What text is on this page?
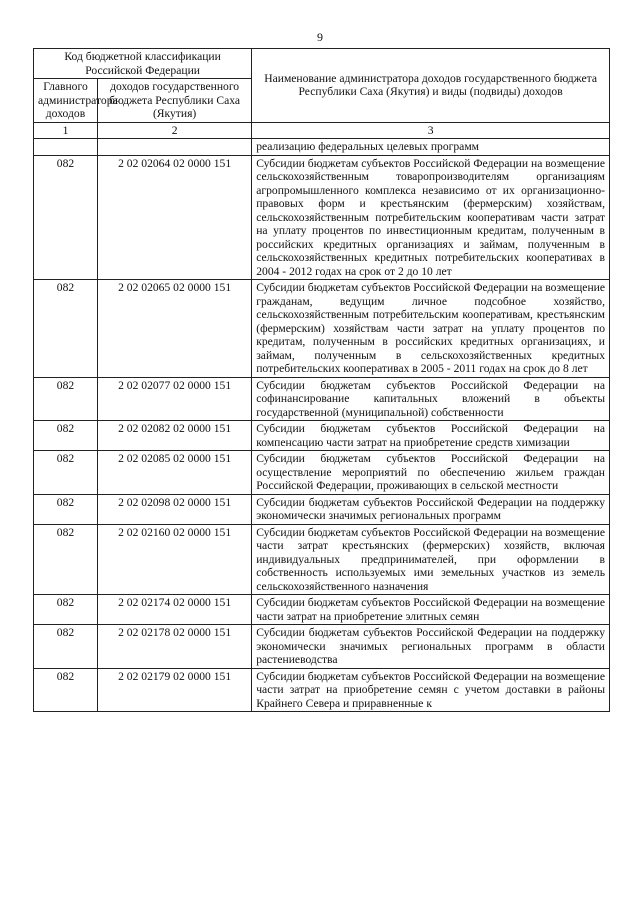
9
Код бюджетной классификации Российской Федерации		Наименование администратора доходов государственного бюджета Республики Саха (Якутия) и виды (подвиды) доходов
Главного администратора доходов	доходов государственного бюджета Республики Саха (Якутия)	
1	2	3
		реализацию федеральных целевых программ
082	2 02 02064 02 0000 151	Субсидии бюджетам субъектов Российской Федерации на возмещение сельскохозяйственным товаропроизводителям организациям агропромышленного комплекса независимо от их организационно-правовых форм и крестьянским (фермерским) хозяйствам, сельскохозяйственным потребительским кооперативам части затрат на уплату процентов по инвестиционным кредитам, полученным в российских кредитных организациях и займам, полученным в сельскохозяйственных кредитных потребительских кооперативах в 2004 - 2012 годах на срок от 2 до 10 лет
082	2 02 02065 02 0000 151	Субсидии бюджетам субъектов Российской Федерации на возмещение гражданам, ведущим личное подсобное хозяйство, сельскохозяйственным потребительским кооперативам, крестьянским (фермерским) хозяйствам части затрат на уплату процентов по кредитам, полученным в российских кредитных организациях, и займам, полученным в сельскохозяйственных кредитных потребительских кооперативах в 2005 - 2011 годах на срок до 8 лет
082	2 02 02077 02 0000 151	Субсидии бюджетам субъектов Российской Федерации на софинансирование капитальных вложений в объекты государственной (муниципальной) собственности
082	2 02 02082 02 0000 151	Субсидии бюджетам субъектов Российской Федерации на компенсацию части затрат на приобретение средств химизации
082	2 02 02085 02 0000 151	Субсидии бюджетам субъектов Российской Федерации на осуществление мероприятий по обеспечению жильем граждан Российской Федерации, проживающих в сельской местности
082	2 02 02098 02 0000 151	Субсидии бюджетам субъектов Российской Федерации на поддержку экономически значимых региональных программ
082	2 02 02160 02 0000 151	Субсидии бюджетам субъектов Российской Федерации на возмещение части затрат крестьянских (фермерских) хозяйств, включая индивидуальных предпринимателей, при оформлении в собственность используемых ими земельных участков из земель сельскохозяйственного назначения
082	2 02 02174 02 0000 151	Субсидии бюджетам субъектов Российской Федерации на возмещение части затрат на приобретение элитных семян
082	2 02 02178 02 0000 151	Субсидии бюджетам субъектов Российской Федерации на поддержку экономически значимых региональных программ в области растениеводства
082	2 02 02179 02 0000 151	Субсидии бюджетам субъектов Российской Федерации на возмещение части затрат на приобретение семян с учетом доставки в районы Крайнего Севера и приравненные к
